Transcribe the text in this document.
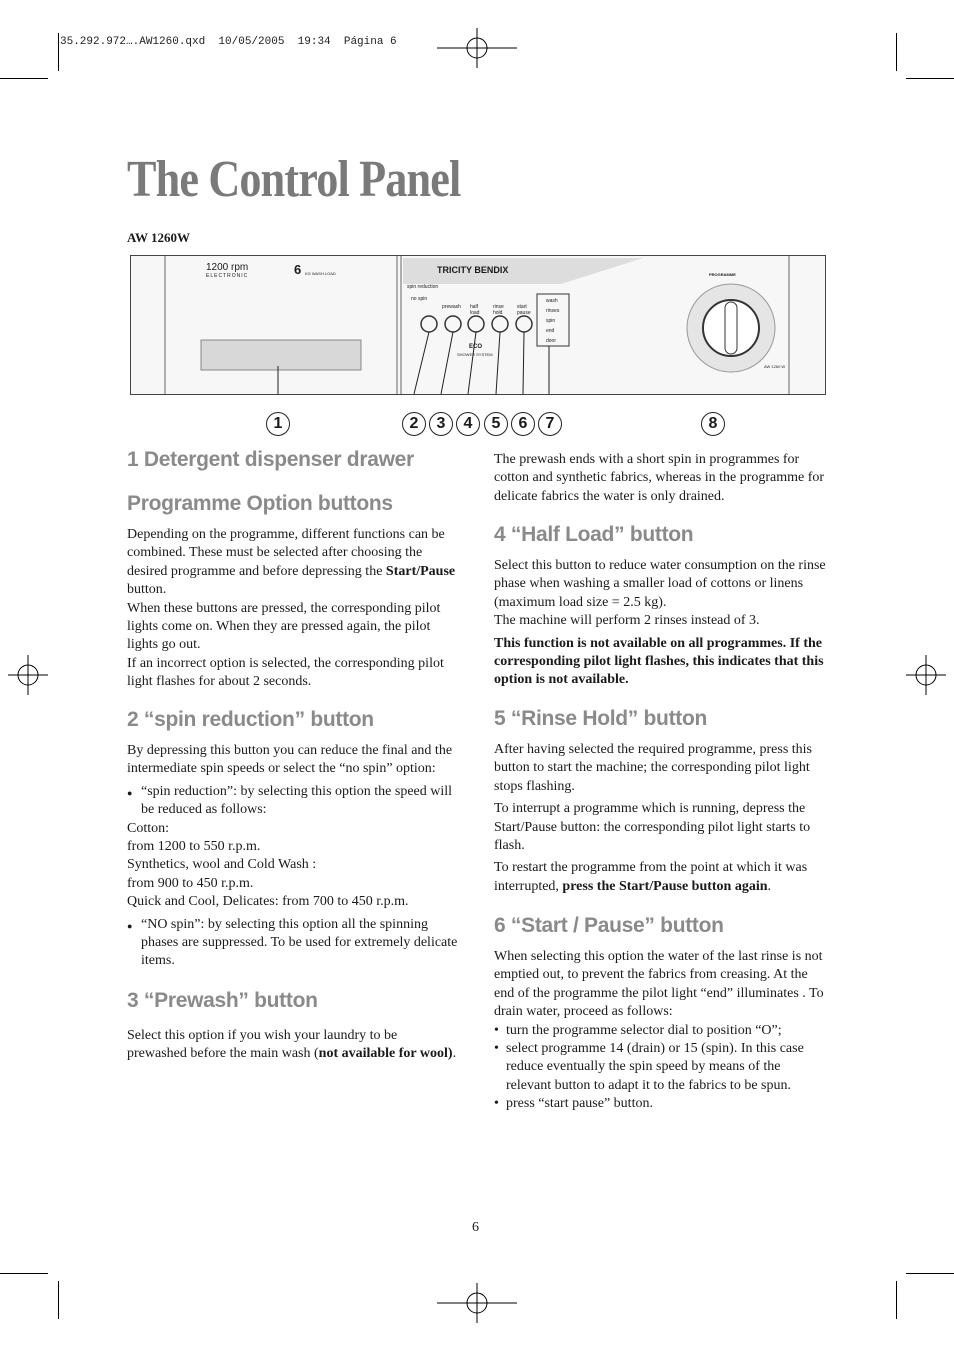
35.292.972….AW1260.qxd  10/05/2005  19:34  Página 6
The Control Panel
AW 1260W
1200 rpm
ELECTRONIC	6 KG WASH LOAD	TRICITY BENDIX
spin reduction
no spin
prewash half load
rinse hold
start pause
wash
rinses
spin
end
door
ECO
SHOWER SYSTEM
PROGRAMME
AW 1260 W
1	2	3	4	5	6	7	8
1 Detergent dispenser drawer
Programme Option buttons

Depending on the programme, different functions can be combined. These must be selected after choosing the desired programme and before depressing the Start/Pause button.

When these buttons are pressed, the corresponding pilot lights come on. When they are pressed again, the pilot lights go out.

If an incorrect option is selected, the corresponding pilot light flashes for about 2 seconds.

2 “spin reduction” button

By depressing this button you can reduce the final and the intermediate spin speeds or select the “no spin” option:

● “spin reduction”: by selecting this option the speed will be reduced as follows:

Cotton:

from 1200 to 550 r.p.m.

Synthetics, wool and Cold Wash :

from 900 to 450 r.p.m.

Quick and Cool, Delicates: from 700 to 450 r.p.m.

● “NO spin”: by selecting this option all the spinning phases are suppressed. To be used for extremely delicate items.

3 “Prewash” button

Select this option if you wish your laundry to be prewashed before the main wash (not available for wool).

The prewash ends with a short spin in programmes for cotton and synthetic fabrics, whereas in the programme for delicate fabrics the water is only drained.
4 “Half Load” button

Select this button to reduce water consumption on the rinse phase when washing a smaller load of cottons or linens (maximum load size = 2.5 kg).

The machine will perform 2 rinses instead of 3.

This function is not available on all programmes. If the corresponding pilot light flashes, this indicates that this option is not available.

5 “Rinse Hold” button

After having selected the required programme, press this button to start the machine; the corresponding pilot light stops flashing.

To interrupt a programme which is running, depress the Start/Pause button: the corresponding pilot light starts to flash.

To restart the programme from the point at which it was interrupted, press the Start/Pause button again.

6 “Start / Pause” button

When selecting this option the water of the last rinse is not emptied out, to prevent the fabrics from creasing. At the end of the programme the pilot light “end” illuminates . To drain water, proceed as follows:

• turn the programme selector dial to position “O”;

• select programme 14 (drain) or 15 (spin). In this case reduce eventually the spin speed by means of the relevant button to adapt it to the fabrics to be spun.

• press “start pause” button.

6
